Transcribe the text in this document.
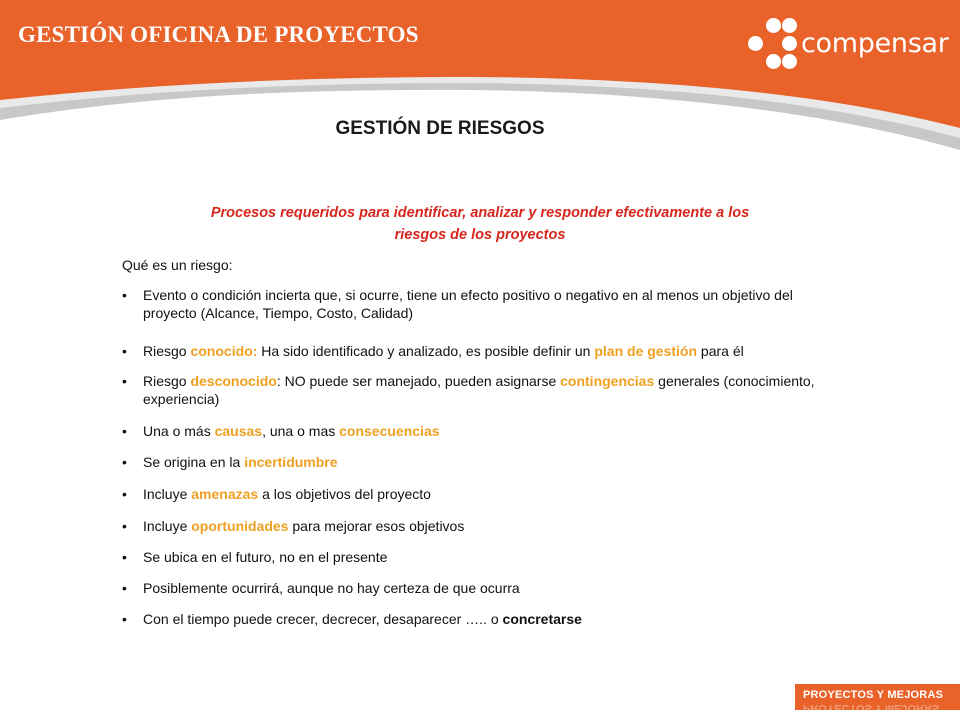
GESTIÓN OFICINA DE PROYECTOS	compensar
GESTIÓN DE RIESGOS
Procesos requeridos para identificar, analizar y responder efectivamente a los
riesgos de los proyectos
Qué es un riesgo:
• Evento o condición incierta que, si ocurre, tiene un efecto positivo o negativo en al menos un objetivo del proyecto (Alcance, Tiempo, Costo, Calidad)
• Riesgo conocido: Ha sido identificado y analizado, es posible definir un plan de gestión para él
• Riesgo desconocido: NO puede ser manejado, pueden asignarse contingencias generales (conocimiento, experiencia)
• Una o más causas, una o mas consecuencias
• Se origina en la incertidumbre
• Incluye amenazas a los objetivos del proyecto
• Incluye oportunidades para mejorar esos objetivos
• Se ubica en el futuro, no en el presente
• Posiblemente ocurrirá, aunque no hay certeza de que ocurra
• Con el tiempo puede crecer, decrecer, desaparecer ….. o concretarse
PROYECTOS Y MEJORAS
PROYECTOS Y MEJORAS
